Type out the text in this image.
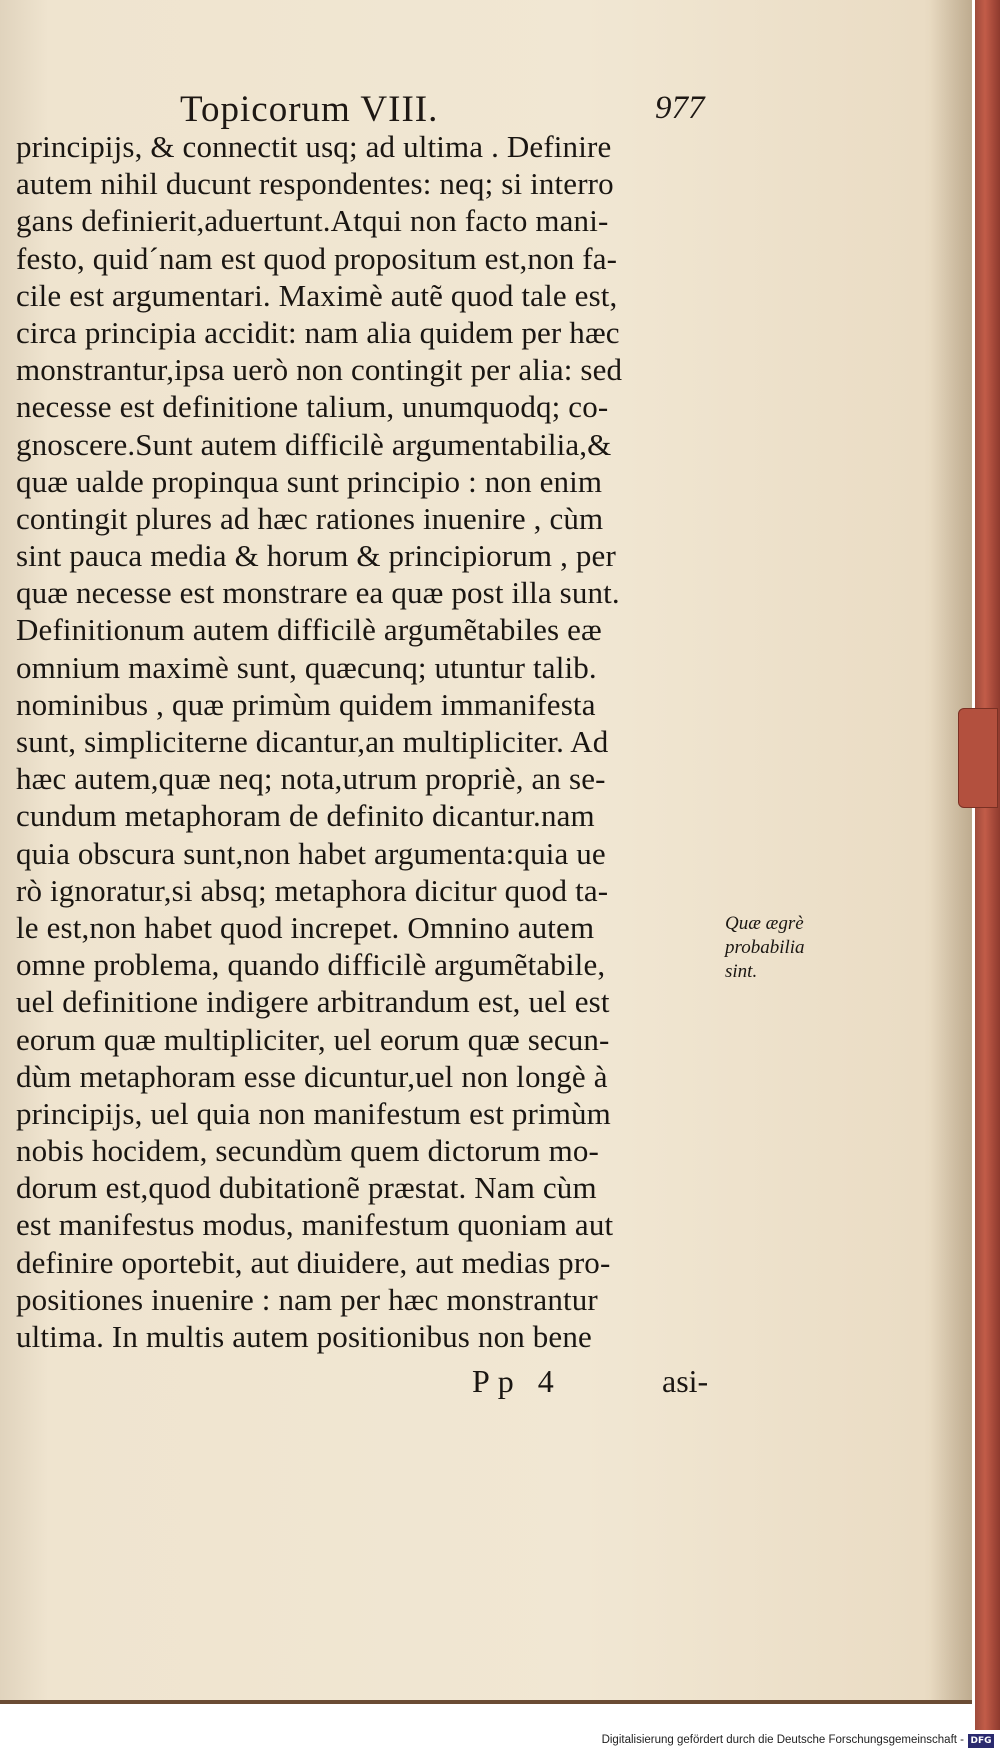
Topicorum VIII.	977
principijs, & connectit usq; ad ultima . Definire
autem nihil ducunt respondentes: neq; si interro
gans definierit,aduertunt.Atqui non facto mani-
festo, quid´nam est quod propositum est,non fa-
cile est argumentari. Maximè autẽ quod tale est,
circa principia accidit: nam alia quidem per hæc
monstrantur,ipsa uerò non contingit per alia: sed
necesse est definitione talium, unumquodq; co-
gnoscere.Sunt autem difficilè argumentabilia,&
quæ ualde propinqua sunt principio : non enim
contingit plures ad hæc rationes inuenire , cùm
sint pauca media & horum & principiorum , per
quæ necesse est monstrare ea quæ post illa sunt.
Definitionum autem difficilè argumẽtabiles eæ
omnium maximè sunt, quæcunq; utuntur talib.
nominibus , quæ primùm quidem immanifesta
sunt, simpliciterne dicantur,an multipliciter. Ad
hæc autem,quæ neq; nota,utrum propriè, an se-
cundum metaphoram de definito dicantur.nam
quia obscura sunt,non habet argumenta:quia ue
rò ignoratur,si absq; metaphora dicitur quod ta-
le est,non habet quod increpet. Omnino autem
omne problema, quando difficilè argumẽtabile,
uel definitione indigere arbitrandum est, uel est
eorum quæ multipliciter, uel eorum quæ secun-
dùm metaphoram esse dicuntur,uel non longè à
principijs, uel quia non manifestum est primùm
nobis hocidem, secundùm quem dictorum mo-
dorum est,quod dubitationẽ præstat. Nam cùm
est manifestus modus, manifestum quoniam aut
definire oportebit, aut diuidere, aut medias pro-
positiones inuenire : nam per hæc monstrantur
ultima. In multis autem positionibus non bene
Quæ ægrè
probabilia
sint.
Pp 4	asi-
Digitalisierung gefördert durch die Deutsche Forschungsgemeinschaft - DFG
